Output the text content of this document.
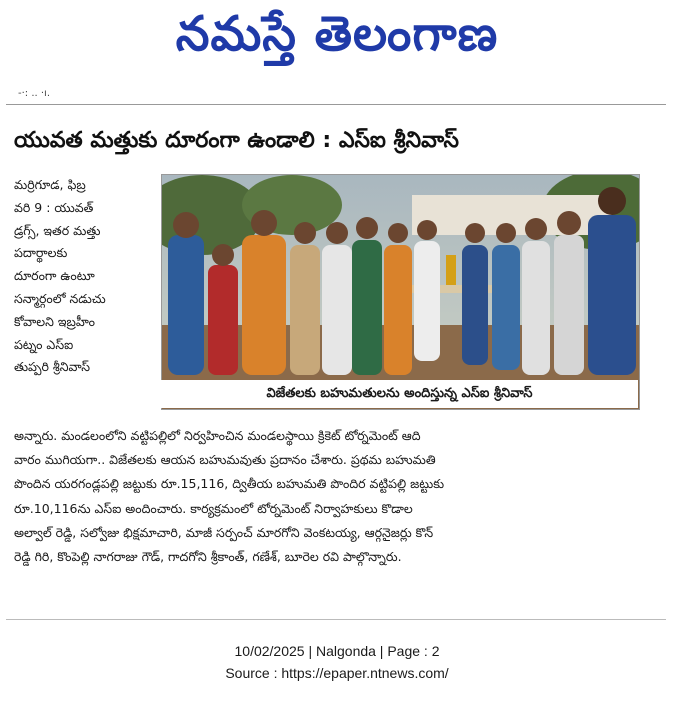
నమస్తే తెలంగాణ
-·: .. ·ı.
యువత మత్తుకు దూరంగా ఉండాలి : ఎస్ఐ శ్రీనివాస్
మర్రిగూడ, ఫిబ్ర
వరి 9 : యువత్
డ్రగ్స్, ఇతర మత్తు
పదార్థాలకు
దూరంగా ఉంటూ
సన్మార్గంలో నడుచు
కోవాలని ఇబ్రహీం
పట్నం ఎస్ఐ
తుప్పరి శ్రీనివాస్
విజేతలకు బహుమతులను అందిస్తున్న ఎస్ఐ శ్రీనివాస్
అన్నారు. మండలంలోని వట్టిపల్లిలో నిర్వహించిన మండలస్థాయి క్రికెట్ టోర్నమెంట్ ఆది
వారం ముగియగా.. విజేతలకు ఆయన బహుమవుతు ప్రదానం చేశారు. ప్రథమ బహుమతి
పొందిన యరగండ్లపల్లి జట్టుకు రూ.15,116, ద్వితీయ బహుమతి పొందిర వట్టిపల్లి జట్టుకు
రూ.10,116ను ఎస్ఐ అందించారు. కార్యక్రమంలో టోర్నమెంట్ నిర్వాహకులు కొడాల
అల్వాల్ రెడ్డి, సల్వోజు భిక్షమాచారి, మాజీ సర్పంచ్ మారగోని వెంకటయ్య, ఆర్గనైజర్లు కొన్
రెడ్డి గిరి, కొంపెల్లి నాగరాజు గౌడ్, గాదగోని శ్రీకాంత్, గణేశ్, బూరెల రవి పాల్గొన్నారు.
10/02/2025 | Nalgonda | Page : 2
Source : https://epaper.ntnews.com/
